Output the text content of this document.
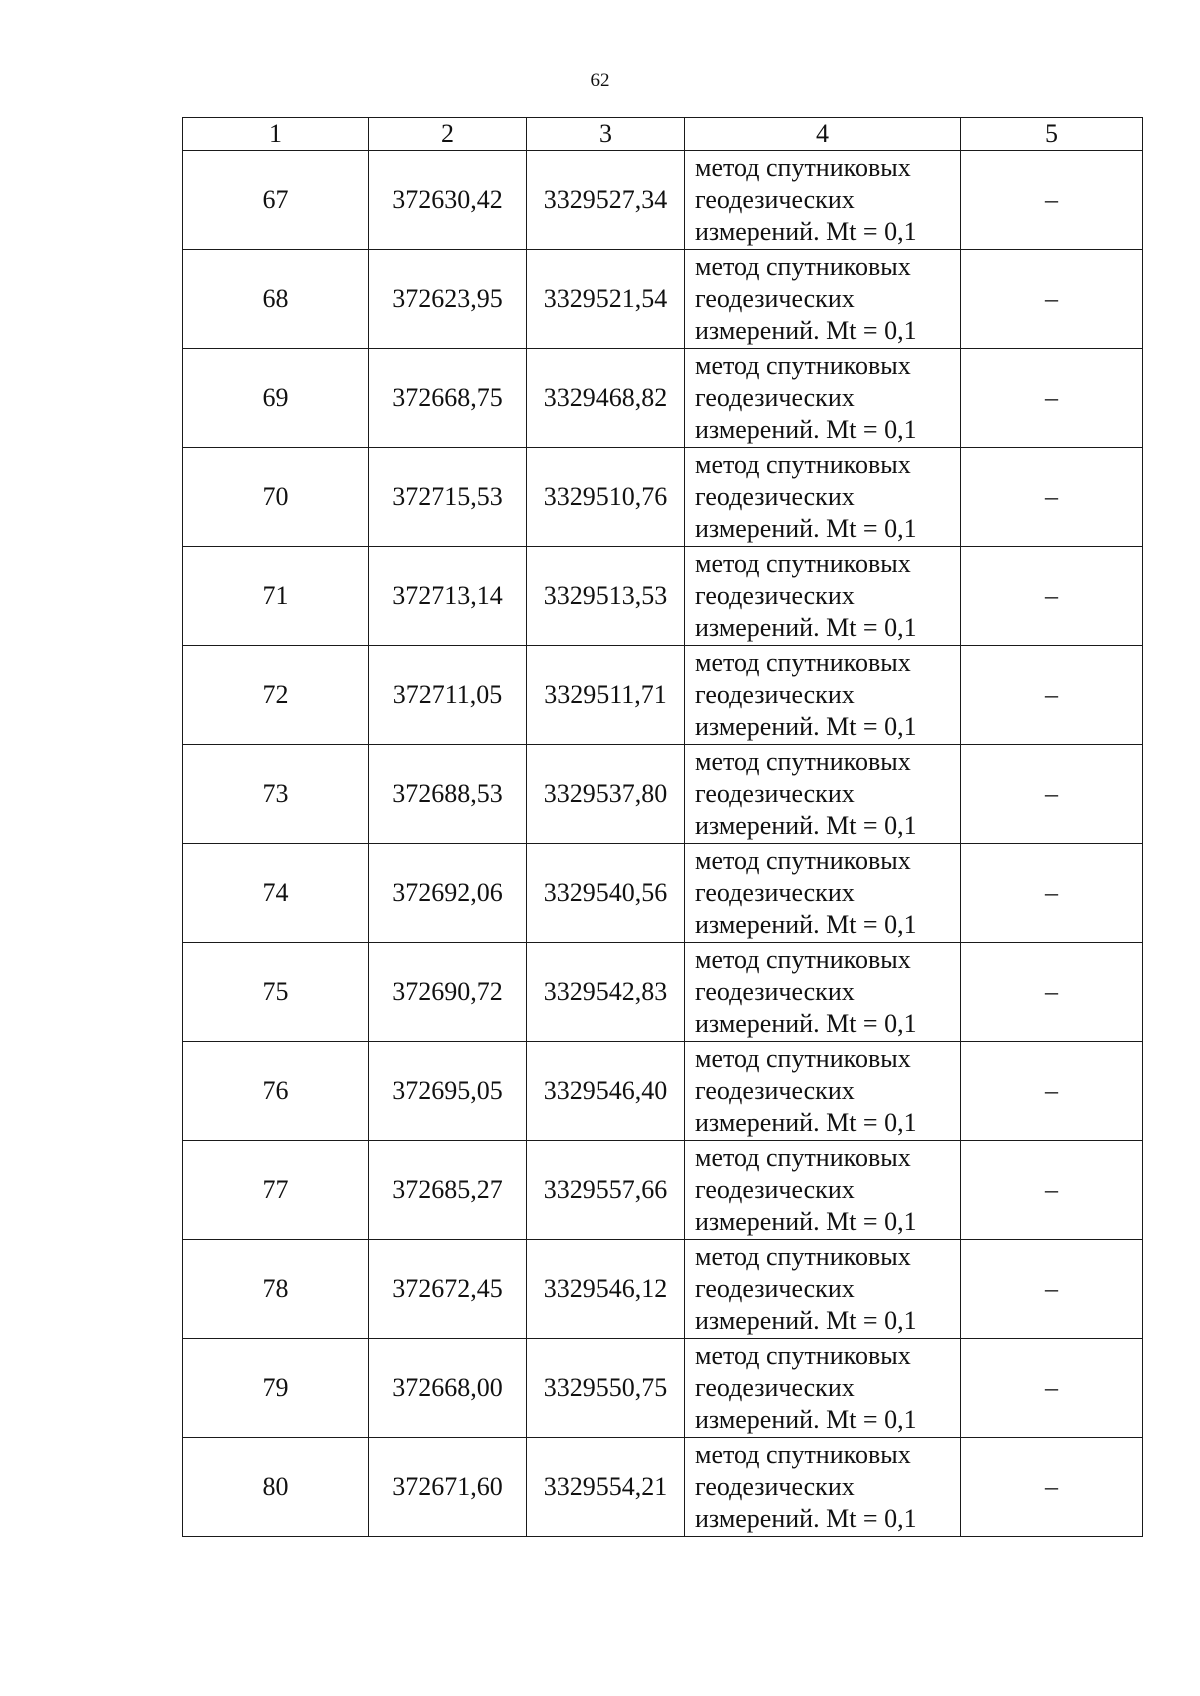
62
1	2	3	4	5
67	372630,42	3329527,34	метод спутниковых
геодезических
измерений. Mt = 0,1	–
68	372623,95	3329521,54	метод спутниковых
геодезических
измерений. Mt = 0,1	–
69	372668,75	3329468,82	метод спутниковых
геодезических
измерений. Mt = 0,1	–
70	372715,53	3329510,76	метод спутниковых
геодезических
измерений. Mt = 0,1	–
71	372713,14	3329513,53	метод спутниковых
геодезических
измерений. Mt = 0,1	–
72	372711,05	3329511,71	метод спутниковых
геодезических
измерений. Mt = 0,1	–
73	372688,53	3329537,80	метод спутниковых
геодезических
измерений. Mt = 0,1	–
74	372692,06	3329540,56	метод спутниковых
геодезических
измерений. Mt = 0,1	–
75	372690,72	3329542,83	метод спутниковых
геодезических
измерений. Mt = 0,1	–
76	372695,05	3329546,40	метод спутниковых
геодезических
измерений. Mt = 0,1	–
77	372685,27	3329557,66	метод спутниковых
геодезических
измерений. Mt = 0,1	–
78	372672,45	3329546,12	метод спутниковых
геодезических
измерений. Mt = 0,1	–
79	372668,00	3329550,75	метод спутниковых
геодезических
измерений. Mt = 0,1	–
80	372671,60	3329554,21	метод спутниковых
геодезических
измерений. Mt = 0,1	–
